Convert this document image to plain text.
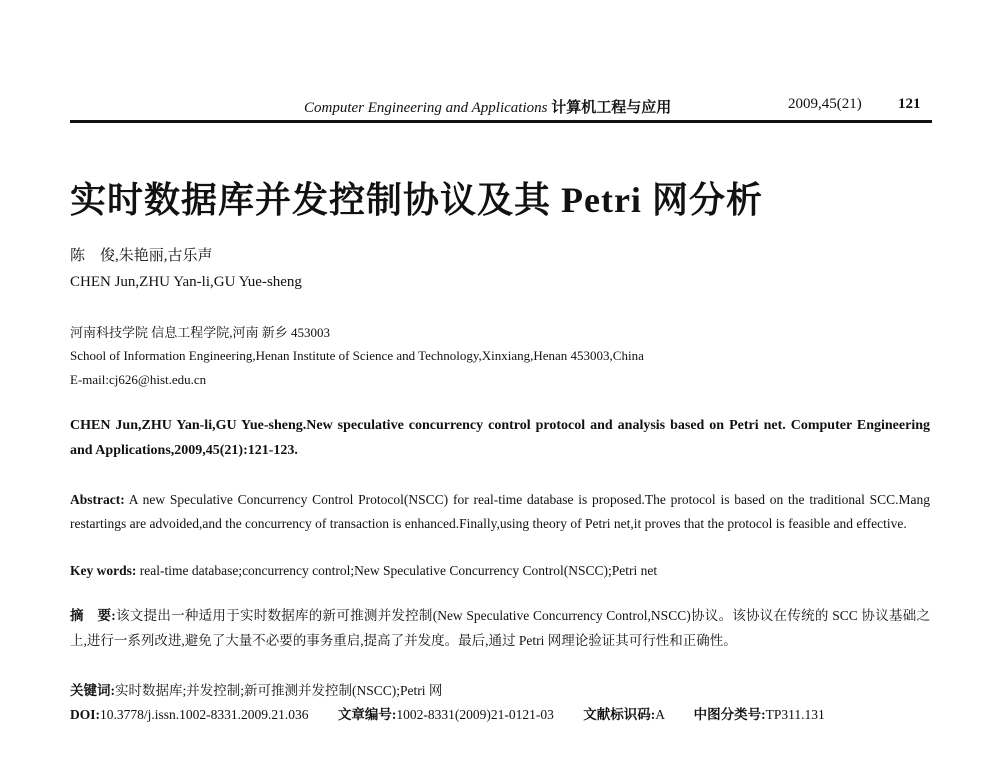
Computer Engineering and Applications 计算机工程与应用	2009,45(21) 121
实时数据库并发控制协议及其 Petri 网分析
陈　俊,朱艳丽,古乐声
CHEN Jun,ZHU Yan-li,GU Yue-sheng
河南科技学院 信息工程学院,河南 新乡 453003
School of Information Engineering,Henan Institute of Science and Technology,Xinxiang,Henan 453003,China
E-mail:cj626@hist.edu.cn
CHEN Jun,ZHU Yan-li,GU Yue-sheng.New speculative concurrency control protocol and analysis based on Petri net. Computer Engineering and Applications,2009,45(21):121-123.
Abstract: A new Speculative Concurrency Control Protocol(NSCC) for real-time database is proposed.The protocol is based on the traditional SCC.Mang restartings are advoided,and the concurrency of transaction is enhanced.Finally,using theory of Petri net,it proves that the protocol is feasible and effective.
Key words: real-time database;concurrency control;New Speculative Concurrency Control(NSCC);Petri net
摘　要:该文提出一种适用于实时数据库的新可推测并发控制(New Speculative Concurrency Control,NSCC)协议。该协议在传统的 SCC 协议基础之上,进行一系列改进,避免了大量不必要的事务重启,提高了并发度。最后,通过 Petri 网理论验证其可行性和正确性。
关键词:实时数据库;并发控制;新可推测并发控制(NSCC);Petri 网
DOI:10.3778/j.issn.1002-8331.2009.21.036 文章编号:1002-8331(2009)21-0121-03 文献标识码:A 中图分类号:TP311.131
